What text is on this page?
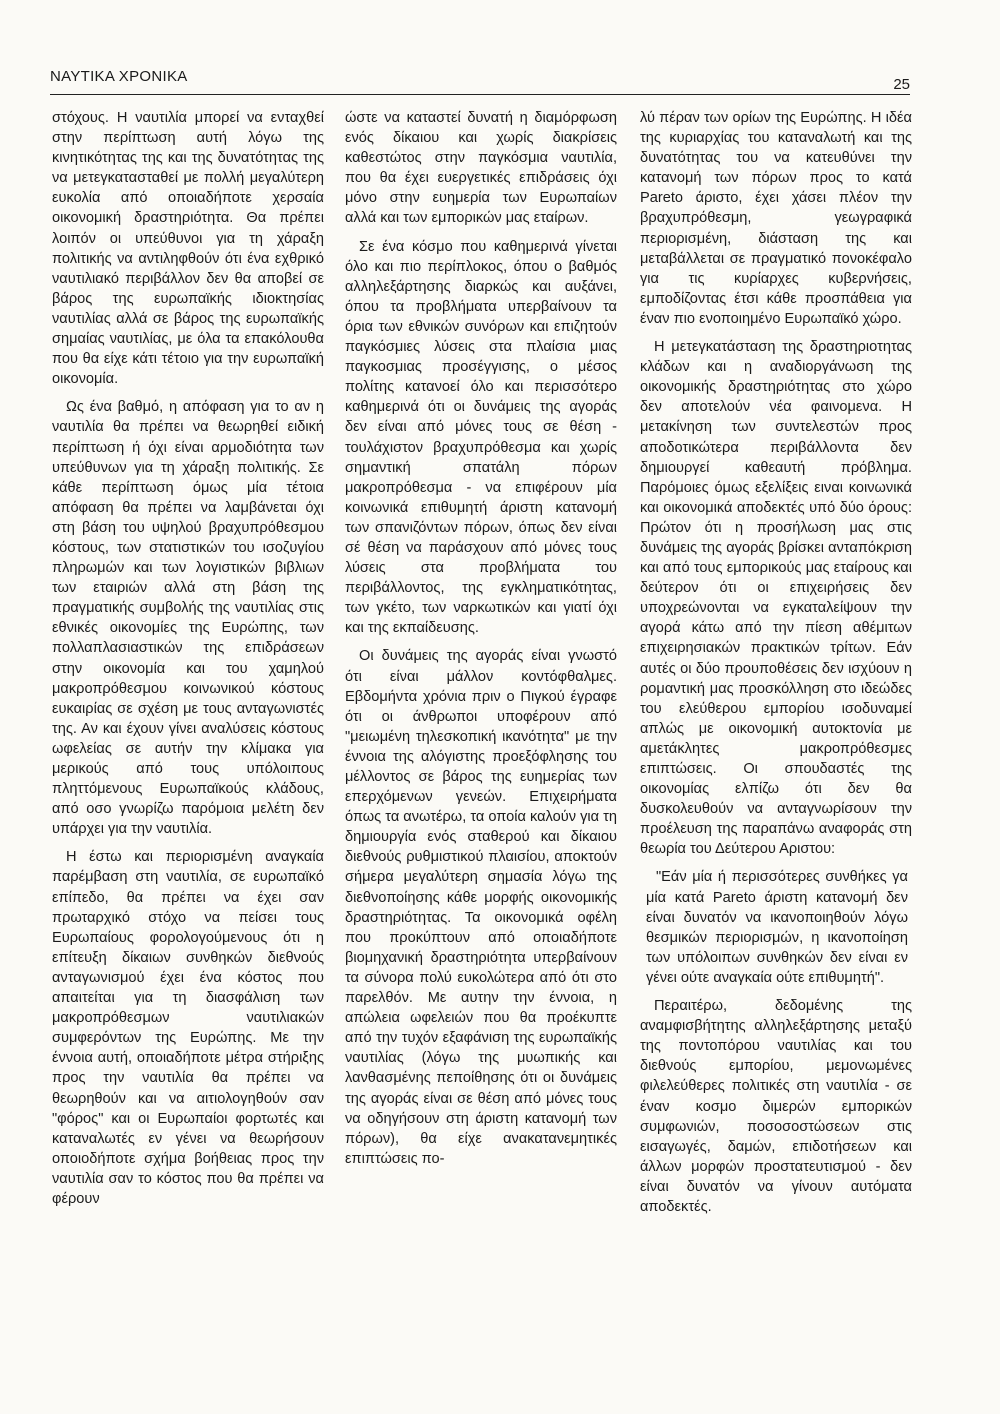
ΝΑΥΤΙΚΑ ΧΡΟΝΙΚΑ	25

στόχους. Η ναυτιλία μπορεί να ενταχθεί στην περίπτωση αυτή λόγω της κινητικότητας της και της δυνατότητας της να μετεγκατασταθεί με πολλή μεγαλύτερη ευκολία από οποιαδήποτε χερσαία οικονομική δραστηριότητα. Θα πρέπει λοιπόν οι υπεύθυνοι για τη χάραξη πολιτικής να αντιληφθούν ότι ένα εχθρικό ναυτιλιακό περιβάλλον δεν θα αποβεί σε βάρος της ευρωπαϊκής ιδιοκτησίας ναυτιλίας αλλά σε βάρος της ευρωπαϊκής σημαίας ναυτιλίας, με όλα τα επακόλουθα που θα είχε κάτι τέτοιο για την ευρωπαϊκή οικονομία.

Ως ένα βαθμό, η απόφαση για το αν η ναυτιλία θα πρέπει να θεωρηθεί ειδική περίπτωση ή όχι είναι αρμοδιότητα των υπεύθυνων για τη χάραξη πολιτικής. Σε κάθε περίπτωση όμως μία τέτοια απόφαση θα πρέπει να λαμβάνεται όχι στη βάση του υψηλού βραχυπρόθεσμου κόστους, των στατιστικών του ισοζυγίου πληρωμών και των λογιστικών βιβλιων των εταιριών αλλά στη βάση της πραγματικής συμβολής της ναυτιλίας στις εθνικές οικονομίες της Ευρώπης, των πολλαπλασιαστικών της επιδράσεων στην οικονομία και του χαμηλού μακροπρόθεσμου κοινωνικού κόστους ευκαιρίας σε σχέση με τους ανταγωνιστές της. Αν και έχουν γίνει αναλύσεις κόστους ωφελείας σε αυτήν την κλίμακα για μερικούς από τους υπόλοιπους πληττόμενους Ευρωπαϊκούς κλάδους, από οσο γνωρίζω παρόμοια μελέτη δεν υπάρχει για την ναυτιλία.

Η έστω και περιορισμένη αναγκαία παρέμβαση στη ναυτιλία, σε ευρωπαϊκό επίπεδο, θα πρέπει να έχει σαν πρωταρχικό στόχο να πείσει τους Ευρωπαίους φορολογούμενους ότι η επίτευξη δίκαιων συνθηκών διεθνούς ανταγωνισμού έχει ένα κόστος που απαιτείται για τη διασφάλιση των μακροπρόθεσμων ναυτιλιακών συμφερόντων της Ευρώπης. Με την έννοια αυτή, οποιαδήποτε μέτρα στήριξης προς την ναυτιλία θα πρέπει να θεωρηθούν και να αιτιολογηθούν σαν "φόρος" και οι Ευρωπαίοι φορτωτές και καταναλωτές εν γένει να θεωρήσουν οποιοδήποτε σχήμα βοήθειας προς την ναυτιλία σαν το κόστος που θα πρέπει να φέρουν

ώστε να καταστεί δυνατή η διαμόρφωση ενός δίκαιου και χωρίς διακρίσεις καθεστώτος στην παγκόσμια ναυτιλία, που θα έχει ευεργετικές επιδράσεις όχι μόνο στην ευημερία των Ευρωπαίων αλλά και των εμπορικών μας εταίρων.

Σε ένα κόσμο που καθημερινά γίνεται όλο και πιο περίπλοκος, όπου ο βαθμός αλληλεξάρτησης διαρκώς και αυξάνει, όπου τα προβλήματα υπερβαίνουν τα όρια των εθνικών συνόρων και επιζητούν παγκόσμιες λύσεις στα πλαίσια μιας παγκοσμιας προσέγγισης, ο μέσος πολίτης κατανοεί όλο και περισσότερο καθημερινά ότι οι δυνάμεις της αγοράς δεν είναι από μόνες τους σε θέση - τουλάχιστον βραχυπρόθεσμα και χωρίς σημαντική σπατάλη πόρων μακροπρόθεσμα - να επιφέρουν μία κοινωνικά επιθυμητή άριστη κατανομή των σπανιζόντων πόρων, όπως δεν είναι σέ θέση να παράσχουν από μόνες τους λύσεις στα προβλήματα του περιβάλλοντος, της εγκληματικότητας, των γκέτο, των ναρκωτικών και γιατί όχι και της εκπαίδευσης.

Οι δυνάμεις της αγοράς είναι γνωστό ότι είναι μάλλον κοντόφθαλμες. Εβδομήντα χρόνια πριν ο Πιγκού έγραφε ότι οι άνθρωποι υποφέρουν από "μειωμένη τηλεσκοπική ικανότητα" με την έννοια της αλόγιστης προεξόφλησης του μέλλοντος σε βάρος της ευημερίας των επερχόμενων γενεών. Επιχειρήματα όπως τα ανωτέρω, τα οποία καλούν για τη δημιουργία ενός σταθερού και δίκαιου διεθνούς ρυθμιστικού πλαισίου, αποκτούν σήμερα μεγαλύτερη σημασία λόγω της διεθνοποίησης κάθε μορφής οικονομικής δραστηριότητας. Τα οικονομικά οφέλη που προκύπτουν από οποιαδήποτε βιομηχανική δραστηριότητα υπερβαίνουν τα σύνορα πολύ ευκολώτερα από ότι στο παρελθόν. Με αυτην την έννοια, η απώλεια ωφελειών που θα προέκυπτε από την τυχόν εξαφάνιση της ευρωπαϊκής ναυτιλίας (λόγω της μυωπικής και λανθασμένης πεποίθησης ότι οι δυνάμεις της αγοράς είναι σε θέση από μόνες τους να οδηγήσουν στη άριστη κατανομή των πόρων), θα είχε ανακατανεμητικές επιπτώσεις πο-

λύ πέραν των ορίων της Ευρώπης. Η ιδέα της κυριαρχίας του καταναλωτή και της δυνατότητας του να κατευθύνει την κατανομή των πόρων προς το κατά Pareto άριστο, έχει χάσει πλέον την βραχυπρόθεσμη, γεωγραφικά περιορισμένη, διάσταση της και μεταβάλλεται σε πραγματικό πονοκέφαλο για τις κυρίαρχες κυβερνήσεις, εμποδίζοντας έτσι κάθε προσπάθεια για έναν πιο ενοποιημένο Ευρωπαϊκό χώρο.

Η μετεγκατάσταση της δραστηριοτητας κλάδων και η αναδιοργάνωση της οικονομικής δραστηριότητας στο χώρο δεν αποτελούν νέα φαινομενα. Η μετακίνηση των συντελεστών προς αποδοτικώτερα περιβάλλοντα δεν δημιουργεί καθεαυτή πρόβλημα. Παρόμοιες όμως εξελίξεις ειναι κοινωνικά και οικονομικά αποδεκτές υπό δύο όρους: Πρώτον ότι η προσήλωση μας στις δυνάμεις της αγοράς βρίσκει ανταπόκριση και από τους εμπορικούς μας εταίρους και δεύτερον ότι οι επιχειρήσεις δεν υποχρεώνονται να εγκαταλείψουν την αγορά κάτω από την πίεση αθέμιτων επιχειρησιακών πρακτικών τρίτων. Εάν αυτές οι δύο προυποθέσεις δεν ισχύουν η ρομαντική μας προσκόλληση στο ιδεώδες του ελεύθερου εμπορίου ισοδυναμεί απλώς με οικονομική αυτοκτονία με αμετάκλητες μακροπρόθεσμες επιπτώσεις. Οι σπουδαστές της οικονομίας ελπίζω ότι δεν θα δυσκολευθούν να ανταγνωρίσουν την προέλευση της παραπάνω αναφοράς στη θεωρία του Δεύτερου Αριστου:

"Εάν μία ή περισσότερες συνθήκες γα μία κατά Pareto άριστη κατανομή δεν είναι δυνατόν να ικανοποιηθούν λόγω θεσμικών περιορισμών, η ικανοποίηση των υπόλοιπων συνθηκών δεν είναι εν γένει ούτε αναγκαία ούτε επιθυμητή".

Περαιτέρω, δεδομένης της αναμφισβήτητης αλληλεξάρτησης μεταξύ της ποντοπόρου ναυτιλίας και του διεθνούς εμπορίου, μεμονωμένες φιλελεύθερες πολιτικές στη ναυτιλία - σε έναν κοσμο διμερών εμπορικών συμφωνιών, ποσοσοστώσεων στις εισαγωγές, δαμών, επιδοτήσεων και άλλων μορφών προστατευτισμού - δεν είναι δυνατόν να γίνουν αυτόματα αποδεκτές.
